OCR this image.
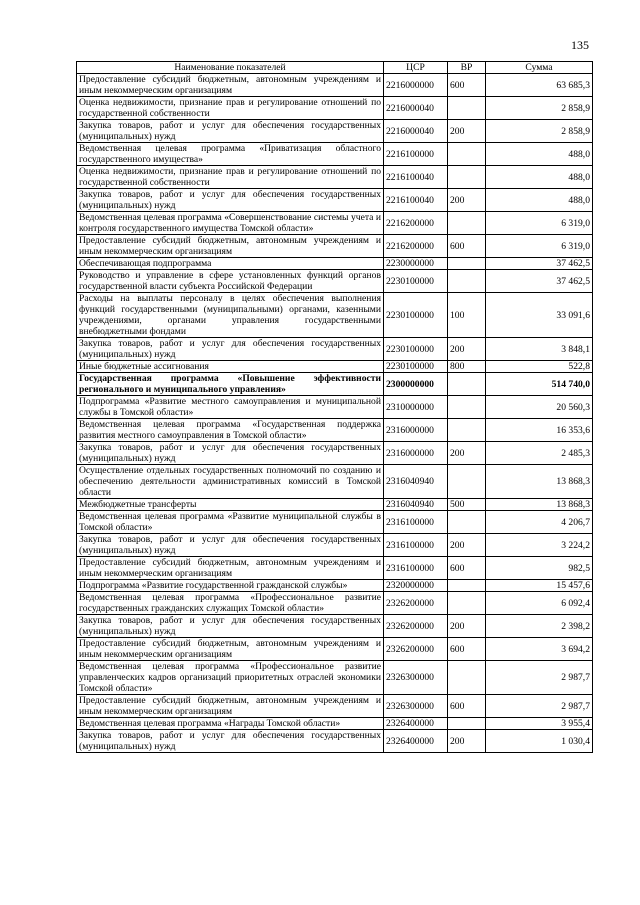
135
Наименование показателей	ЦСР	ВР	Сумма
Предоставление субсидий бюджетным, автономным учреждениям и иным некоммерческим организациям	2216000000	600	63 685,3
Оценка недвижимости, признание прав и регулирование отношений по государственной собственности	2216000040		2 858,9
Закупка товаров, работ и услуг для обеспечения государственных (муниципальных) нужд	2216000040	200	2 858,9
Ведомственная целевая программа «Приватизация областного государственного имущества»	2216100000		488,0
Оценка недвижимости, признание прав и регулирование отношений по государственной собственности	2216100040		488,0
Закупка товаров, работ и услуг для обеспечения государственных (муниципальных) нужд	2216100040	200	488,0
Ведомственная целевая программа «Совершенствование системы учета и контроля государственного имущества Томской области»	2216200000		6 319,0
Предоставление субсидий бюджетным, автономным учреждениям и иным некоммерческим организациям	2216200000	600	6 319,0
Обеспечивающая подпрограмма	2230000000		37 462,5
Руководство и управление в сфере установленных функций органов государственной власти субъекта Российской Федерации	2230100000		37 462,5
Расходы на выплаты персоналу в целях обеспечения выполнения функций государственными (муниципальными) органами, казенными учреждениями, органами управления государственными внебюджетными фондами	2230100000	100	33 091,6
Закупка товаров, работ и услуг для обеспечения государственных (муниципальных) нужд	2230100000	200	3 848,1
Иные бюджетные ассигнования	2230100000	800	522,8
Государственная программа «Повышение эффективности регионального и муниципального управления»	2300000000		514 740,0
Подпрограмма «Развитие местного самоуправления и муниципальной службы в Томской области»	2310000000		20 560,3
Ведомственная целевая программа «Государственная поддержка развития местного самоуправления в Томской области»	2316000000		16 353,6
Закупка товаров, работ и услуг для обеспечения государственных (муниципальных) нужд	2316000000	200	2 485,3
Осуществление отдельных государственных полномочий по созданию и обеспечению деятельности административных комиссий в Томской области	2316040940		13 868,3
Межбюджетные трансферты	2316040940	500	13 868,3
Ведомственная целевая программа «Развитие муниципальной службы в Томской области»	2316100000		4 206,7
Закупка товаров, работ и услуг для обеспечения государственных (муниципальных) нужд	2316100000	200	3 224,2
Предоставление субсидий бюджетным, автономным учреждениям и иным некоммерческим организациям	2316100000	600	982,5
Подпрограмма «Развитие государственной гражданской службы»	2320000000		15 457,6
Ведомственная целевая программа «Профессиональное развитие государственных гражданских служащих Томской области»	2326200000		6 092,4
Закупка товаров, работ и услуг для обеспечения государственных (муниципальных) нужд	2326200000	200	2 398,2
Предоставление субсидий бюджетным, автономным учреждениям и иным некоммерческим организациям	2326200000	600	3 694,2
Ведомственная целевая программа «Профессиональное развитие управленческих кадров организаций приоритетных отраслей экономики Томской области»	2326300000		2 987,7
Предоставление субсидий бюджетным, автономным учреждениям и иным некоммерческим организациям	2326300000	600	2 987,7
Ведомственная целевая программа «Награды Томской области»	2326400000		3 955,4
Закупка товаров, работ и услуг для обеспечения государственных (муниципальных) нужд	2326400000	200	1 030,4
